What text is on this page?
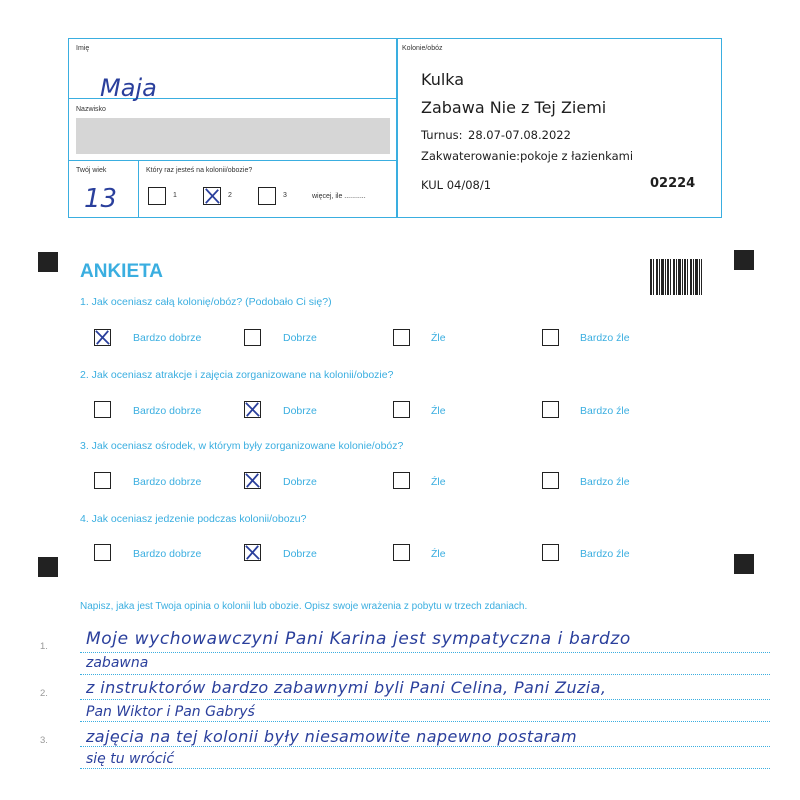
Imię
Maja
Nazwisko
Twój wiek
13
Który raz jesteś na kolonii/obozie?
1	2	3	więcej, ile ...........
Kolonie/obóz
Kulka
Zabawa Nie z Tej Ziemi
Turnus: 28.07-07.08.2022
Zakwaterowanie: pokoje z łazienkami
KUL 04/08/1	02224
ANKIETA
1. Jak oceniasz całą kolonię/obóz? (Podobało Ci się?)
Bardzo dobrze	Dobrze	Źle	Bardzo źle
2. Jak oceniasz atrakcje i zajęcia zorganizowane na kolonii/obozie?
Bardzo dobrze	Dobrze	Źle	Bardzo źle
3. Jak oceniasz ośrodek, w którym były zorganizowane kolonie/obóz?
Bardzo dobrze	Dobrze	Źle	Bardzo źle
4. Jak oceniasz jedzenie podczas kolonii/obozu?
Bardzo dobrze	Dobrze	Źle	Bardzo źle
Napisz, jaka jest Twoja opinia o kolonii lub obozie. Opisz swoje wrażenia z pobytu w trzech zdaniach.
1.
2.
3.
Moje wychowawczyni Pani Karina jest sympatyczna i bardzo
zabawna
z instruktorów bardzo zabawnymi byli Pani Celina, Pani Zuzia,
Pan Wiktor i Pan Gabryś
zajęcia na tej kolonii były niesamowite napewno postaram
się tu wrócić
